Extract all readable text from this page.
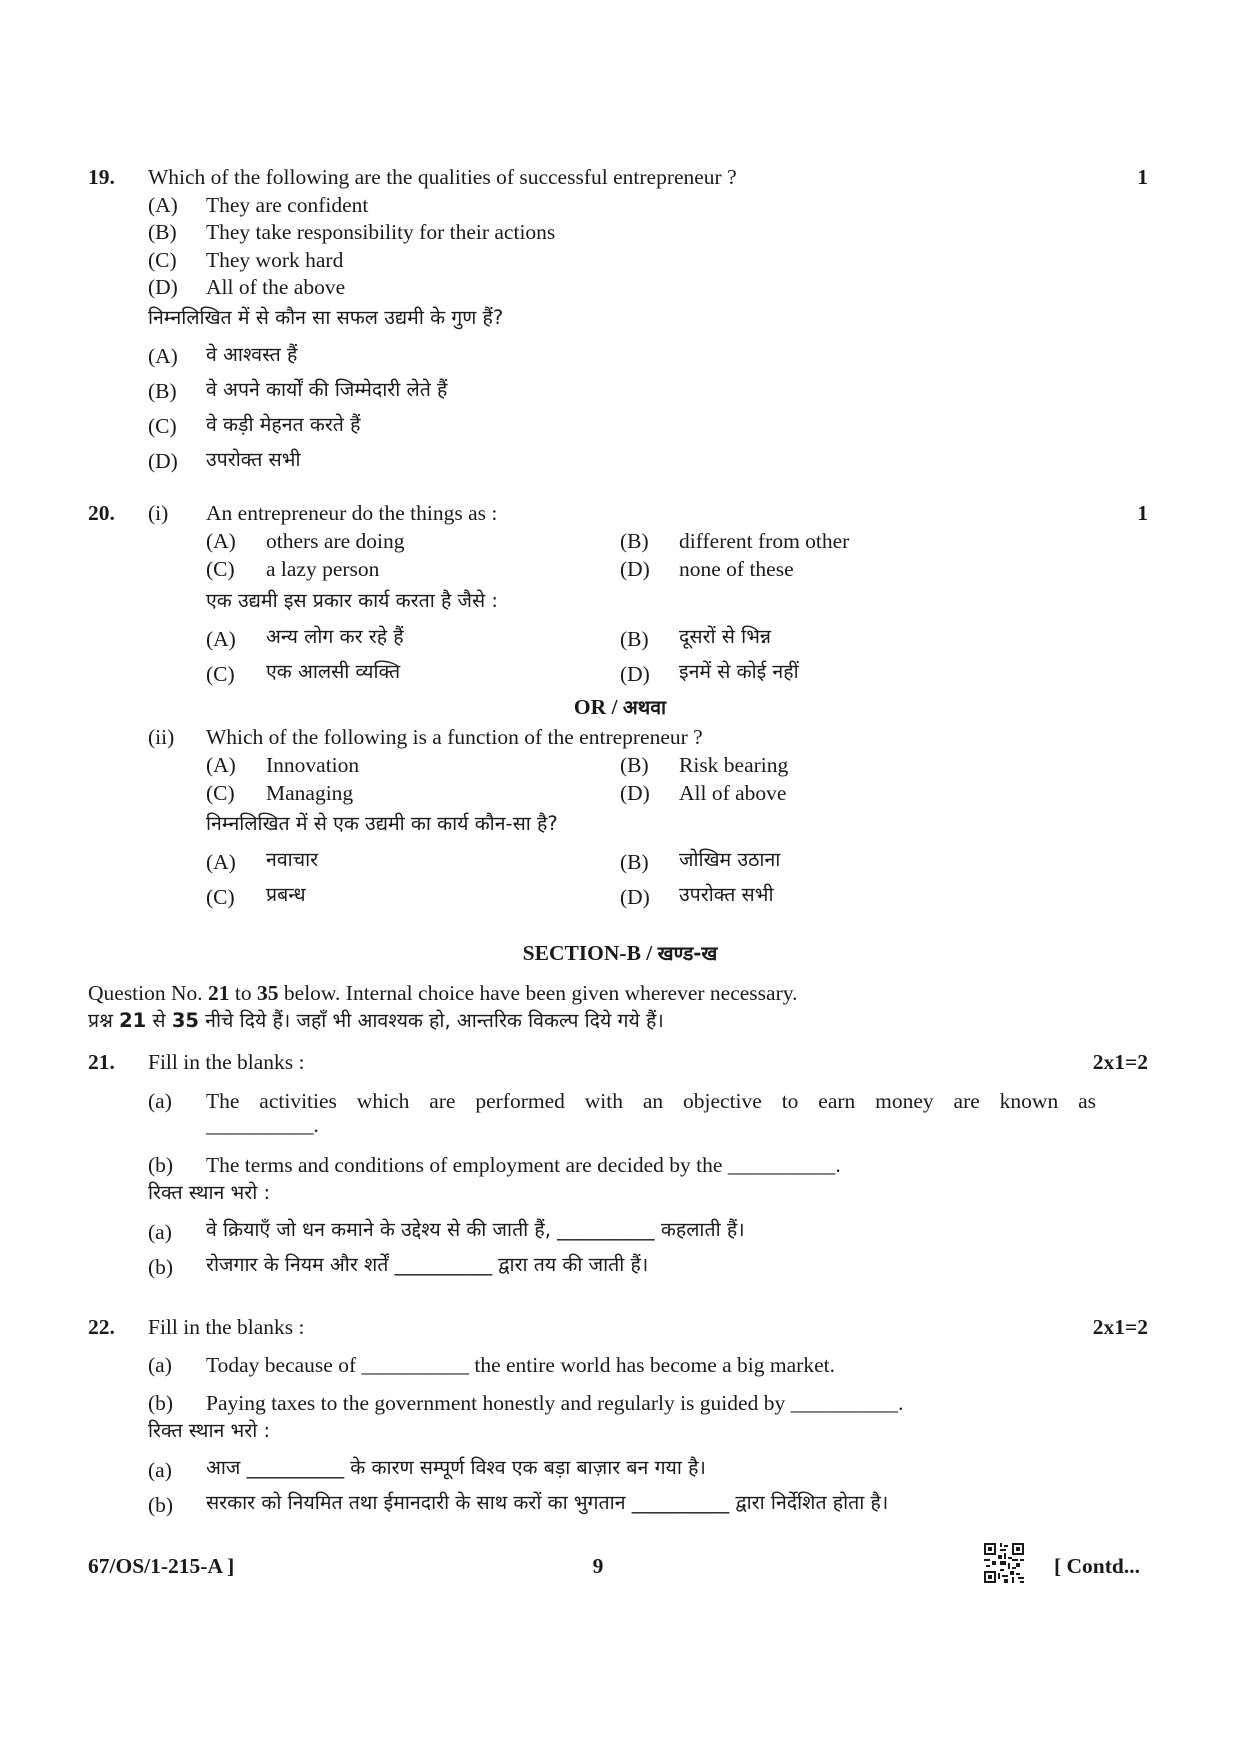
19. Which of the following are the qualities of successful entrepreneur ?	1
(A) They are confident
(B) They take responsibility for their actions
(C) They work hard
(D) All of the above
निम्नलिखित में से कौन सा सफल उद्यमी के गुण हैं?
(A) वे आश्वस्त हैं
(B) वे अपने कार्यों की जिम्मेदारी लेते हैं
(C) वे कड़ी मेहनत करते हैं
(D) उपरोक्त सभी
20. (i) An entrepreneur do the things as :	1
(A) others are doing	(B) different from other
(C) a lazy person	(D) none of these
एक उद्यमी इस प्रकार कार्य करता है जैसे :
(A) अन्य लोग कर रहे हैं	(B) दूसरों से भिन्न
(C) एक आलसी व्यक्ति	(D) इनमें से कोई नहीं
OR / अथवा
(ii) Which of the following is a function of the entrepreneur ?
(A) Innovation	(B) Risk bearing
(C) Managing	(D) All of above
निम्नलिखित में से एक उद्यमी का कार्य कौन-सा है?
(A) नवाचार	(B) जोखिम उठाना
(C) प्रबन्ध	(D) उपरोक्त सभी
SECTION-B / खण्ड-ख
Question No. 21 to 35 below. Internal choice have been given wherever necessary.
प्रश्न 21 से 35 नीचे दिये हैं। जहाँ भी आवश्यक हो, आन्तरिक विकल्प दिये गये हैं।
21. Fill in the blanks :	2x1=2
(a) The activities which are performed with an objective to earn money are known as
__________.
(b) The terms and conditions of employment are decided by the __________.
रिक्त स्थान भरो :
(a) वे क्रियाएँ जो धन कमाने के उद्देश्य से की जाती हैं, __________ कहलाती हैं।
(b) रोजगार के नियम और शर्तें __________ द्वारा तय की जाती हैं।
22. Fill in the blanks :	2x1=2
(a) Today because of __________ the entire world has become a big market.
(b) Paying taxes to the government honestly and regularly is guided by __________.
रिक्त स्थान भरो :
(a) आज __________ के कारण सम्पूर्ण विश्व एक बड़ा बाज़ार बन गया है।
(b) सरकार को नियमित तथा ईमानदारी के साथ करों का भुगतान __________ द्वारा निर्देशित होता है।
67/OS/1-215-A ]	9	[ Contd...
